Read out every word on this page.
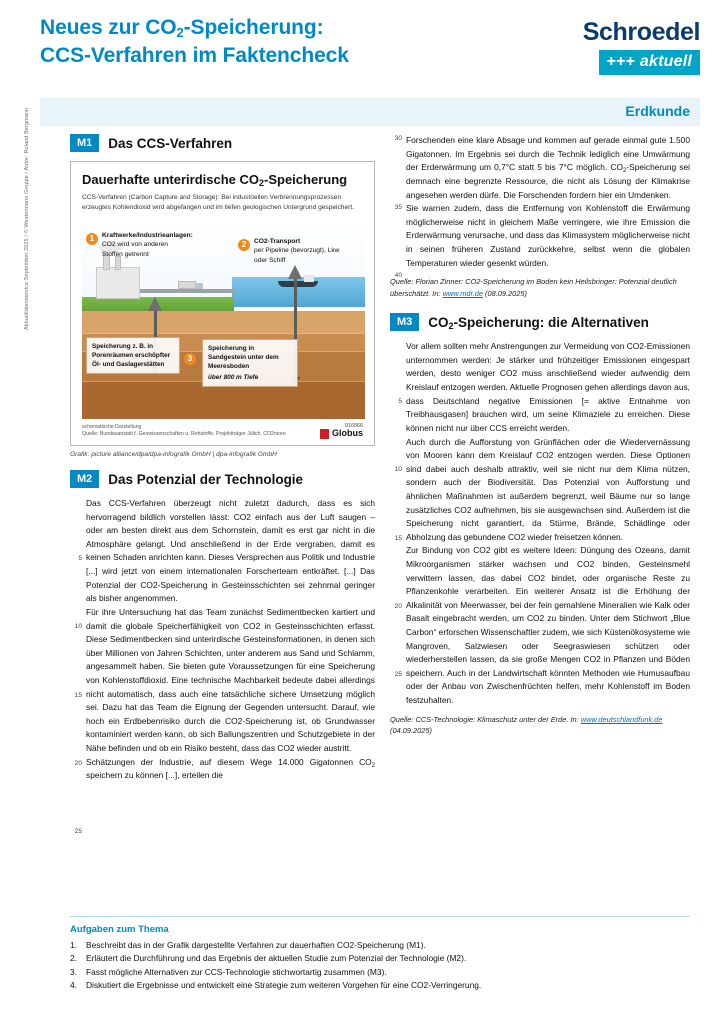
Neues zur $CO_2$-Speicherung:
CCS-Verfahren im Faktencheck
Schroedel
+++ aktuell
Erdkunde
Aktualitätenservice September 2025 / © Westermann Gruppe / Autor: Roland Bergmann	M1	Das CCS-Verfahren
Dauerhafte unterirdische $CO_2$-Speicherung
CCS-Verfahren (Carbon Capture and Storage): Bei industriellen Verbrennungsprozessen erzeugtes Kohlendioxid wird abgefangen und im tiefen geologischen Untergrund gespeichert.
1	Kraftwerke/Industrieanlagen:
CO2 wird von anderen Stoffen getrennt
2	CO2-Transport
per Pipeline (bevorzugt), Lkw oder Schiff
3
Speicherung z. B. in Porenräumen erschöpfter Öl- und Gaslagerstätten
Speicherung in Sandgestein unter dem Meeresboden
über 800 m Tiefe
schematische Darstellung
Quelle: Bundesanstalt f. Geowissenschaften u. Rohstoffe, Projektträger Jülich, CO2more
016566
Globus
Grafik: picture alliance/dpa/dpa-infografik GmbH | dpa-infografik GmbH
M2	Das Potenzial der Technologie
5
10
15
20
25

Das CCS-Verfahren überzeugt nicht zuletzt dadurch, dass es sich hervorragend bildlich vorstellen lässt: CO2 einfach aus der Luft saugen – oder am besten direkt aus dem Schornstein, damit es erst gar nicht in die Atmosphäre gelangt. Und anschließend in der Erde vergraben, damit es keinen Schaden anrichten kann. Dieses Versprechen aus Politik und Industrie [...] wird jetzt von einem internationalen Forscherteam entkräftet. [...] Das Potenzial der CO2-Speicherung in Gesteinsschichten sei zehnmal geringer als bisher angenommen.

Für ihre Untersuchung hat das Team zunächst Sedimentbecken kartiert und damit die globale Speicherfähigkeit von CO2 in Gesteinsschichten erfasst. Diese Sedimentbecken sind unterirdische Gesteinsformationen, in denen sich über Millionen von Jahren Schichten, unter anderem aus Sand und Schlamm, angesammelt haben. Sie bieten gute Voraussetzungen für eine Speicherung von Kohlenstoffdioxid. Eine technische Machbarkeit bedeute dabei allerdings nicht automatisch, dass auch eine tatsächliche sichere Umsetzung möglich sei. Dazu hat das Team die Eignung der Gegenden untersucht. Darauf, wie hoch ein Erdbebenrisiko durch die CO2-Speicherung ist, ob Grundwasser kontaminiert werden kann, ob sich Ballungszentren und Schutzgebiete in der Nähe befinden und ob ein Risiko besteht, dass das CO2 wieder austritt.

Schätzungen der Industrie, auf diesem Wege 14.000 Gigatonnen $CO_2$ speichern zu können [...], erteilen die

30
35
40

Forschenden eine klare Absage und kommen auf gerade einmal gute 1.500 Gigatonnen. Im Ergebnis sei durch die Technik lediglich eine Umwärmung der Erderwärmung um 0,7°C statt 5 bis 7°C möglich. $CO_2$-Speicherung sei demnach eine begrenzte Ressource, die nicht als Lösung der Klimakrise angesehen werden dürfe. Die Forschenden fordern hier ein Umdenken.

Sie warnen zudem, dass die Entfernung von Kohlenstoff die Erwärmung möglicherweise nicht in gleichem Maße verringere, wie ihre Emission die Erderwärmung verursache, und dass das Klimasystem möglicherweise nicht in seinen früheren Zustand zurückkehre, selbst wenn die globalen Temperaturen wieder gesenkt würden.

Quelle: Florian Zinner: CO2-Speicherung im Boden kein Heilsbringer: Potenzial deutlich überschätzt. In: www.mdr.de (08.09.2025)
M3	$CO_2$-Speicherung: die Alternativen
5
10
15
20
25

Vor allem sollten mehr Anstrengungen zur Vermeidung von CO2-Emissionen unternommen werden: Je stärker und frühzeitiger Emissionen eingespart werden, desto weniger CO2 muss anschließend wieder aufwendig dem Kreislauf entzogen werden. Aktuelle Prognosen gehen allerdings davon aus, dass Deutschland negative Emissionen [= aktive Entnahme von Treibhausgasen] brauchen wird, um seine Klimaziele zu erreichen. Diese können nicht nur über CCS erreicht werden.

Auch durch die Aufforstung von Grünflächen oder die Wiedervernässung von Mooren kann dem Kreislauf CO2 entzogen werden. Diese Optionen sind dabei auch deshalb attraktiv, weil sie nicht nur dem Klima nützen, sondern auch der Biodiversität. Das Potenzial von Aufforstung und ähnlichen Maßnahmen ist außerdem begrenzt, weil Bäume nur so lange zusätzliches CO2 aufnehmen, bis sie ausgewachsen sind. Außerdem ist die Speicherung nicht garantiert, da Stürme, Brände, Schädlinge oder Abholzung das gebundene CO2 wieder freisetzen können.

Zur Bindung von CO2 gibt es weitere Ideen: Düngung des Ozeans, damit Mikroorganismen stärker wachsen und CO2 binden, Gesteinsmehl verwittern lassen, das dabei CO2 bindet, oder organische Reste zu Pflanzenkohle verarbeiten. Ein weiterer Ansatz ist die Erhöhung der Alkalinität von Meerwasser, bei der fein gemahlene Mineralien wie Kalk oder Basalt eingebracht werden, um CO2 zu binden. Unter dem Stichwort „Blue Carbon“ erforschen Wissenschaftler zudem, wie sich Küstenökosysteme wie Mangroven, Salzwiesen oder Seegraswiesen schützen oder wiederherstellen lassen, da sie große Mengen CO2 in Pflanzen und Böden speichern. Auch in der Landwirtschaft könnten Methoden wie Humusaufbau oder der Anbau von Zwischenfrüchten helfen, mehr Kohlenstoff im Boden festzuhalten.

Quelle: CCS-Technologie: Klimaschutz unter der Erde. In: www.deutschlandfunk.de (04.09.2025)
Aufgaben zum Thema
1.	Beschreibt das in der Grafik dargestellte Verfahren zur dauerhaften CO2-Speicherung (M1).
2.	Erläutert die Durchführung und das Ergebnis der aktuellen Studie zum Potenzial der Technologie (M2).
3.	Fasst mögliche Alternativen zur CCS-Technologie stichwortartig zusammen (M3).
4.	Diskutiert die Ergebnisse und entwickelt eine Strategie zum weiteren Vorgehen für eine CO2-Verringerung.
